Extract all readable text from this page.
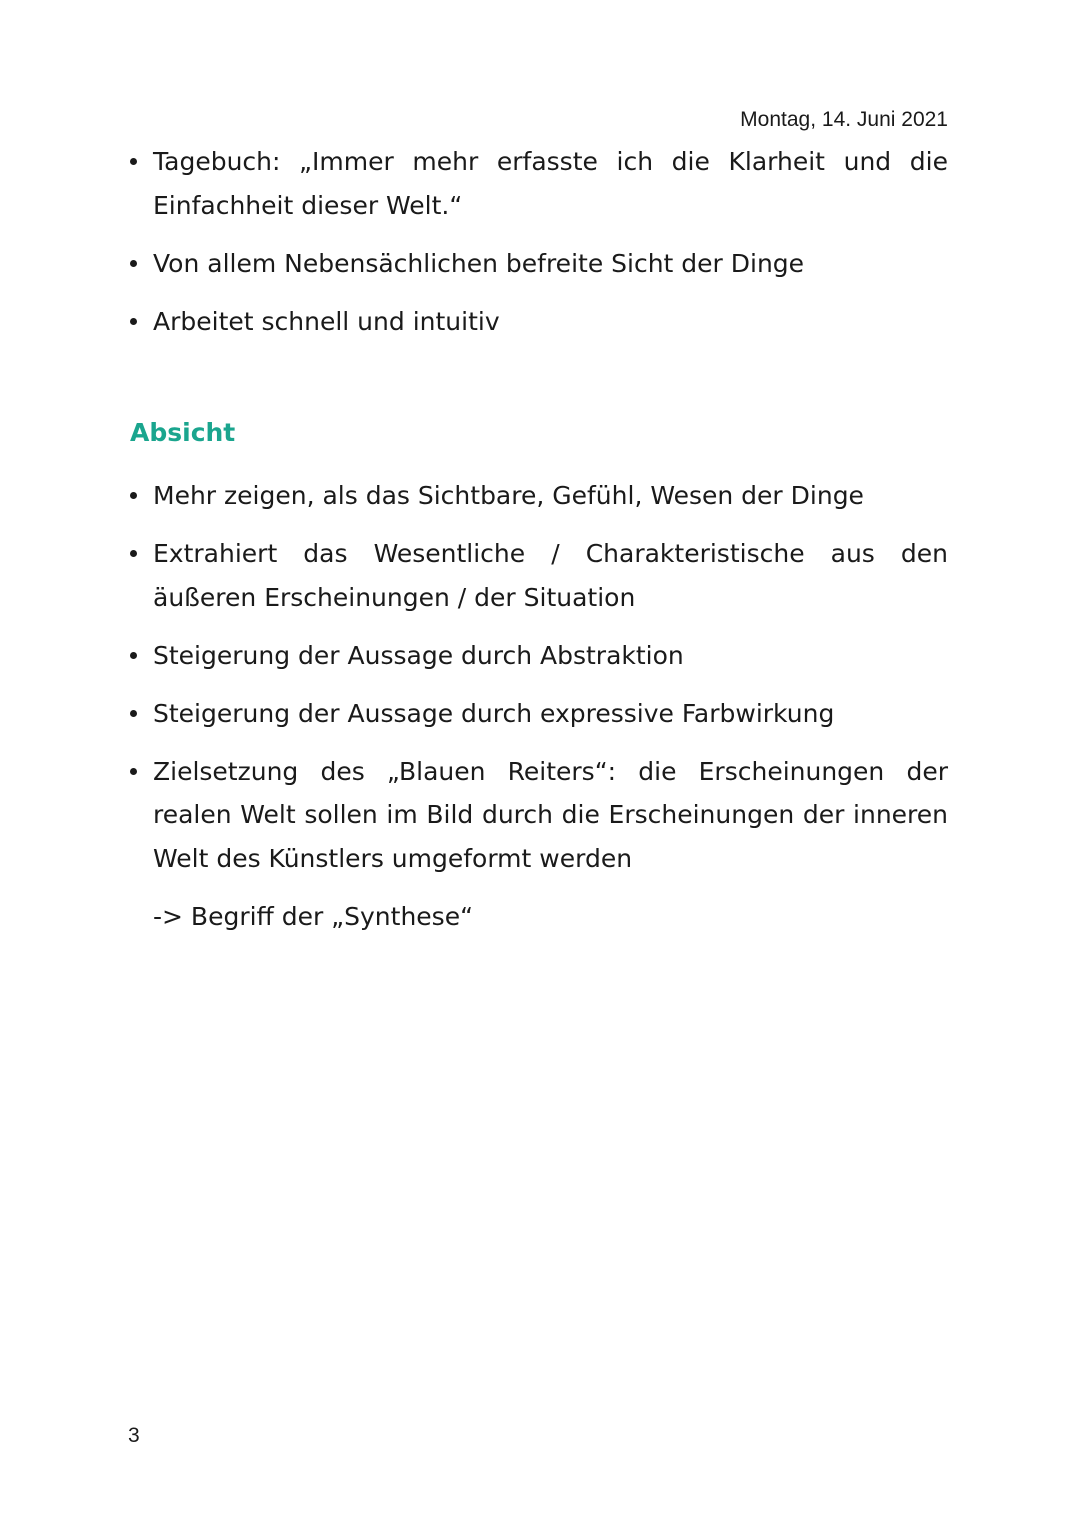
Montag, 14. Juni 2021
Tagebuch: „Immer mehr erfasste ich die Klarheit und die Einfachheit dieser Welt.“
Von allem Nebensächlichen befreite Sicht der Dinge
Arbeitet schnell und intuitiv
Absicht
Mehr zeigen, als das Sichtbare, Gefühl, Wesen der Dinge
Extrahiert das Wesentliche / Charakteristische aus den äußeren Erscheinungen / der Situation
Steigerung der Aussage durch Abstraktion
Steigerung der Aussage durch expressive Farbwirkung
Zielsetzung des „Blauen Reiters“: die Erscheinungen der realen Welt sollen im Bild durch die Erscheinungen der inneren Welt des Künstlers umgeformt werden
-> Begriff der „Synthese“
3
